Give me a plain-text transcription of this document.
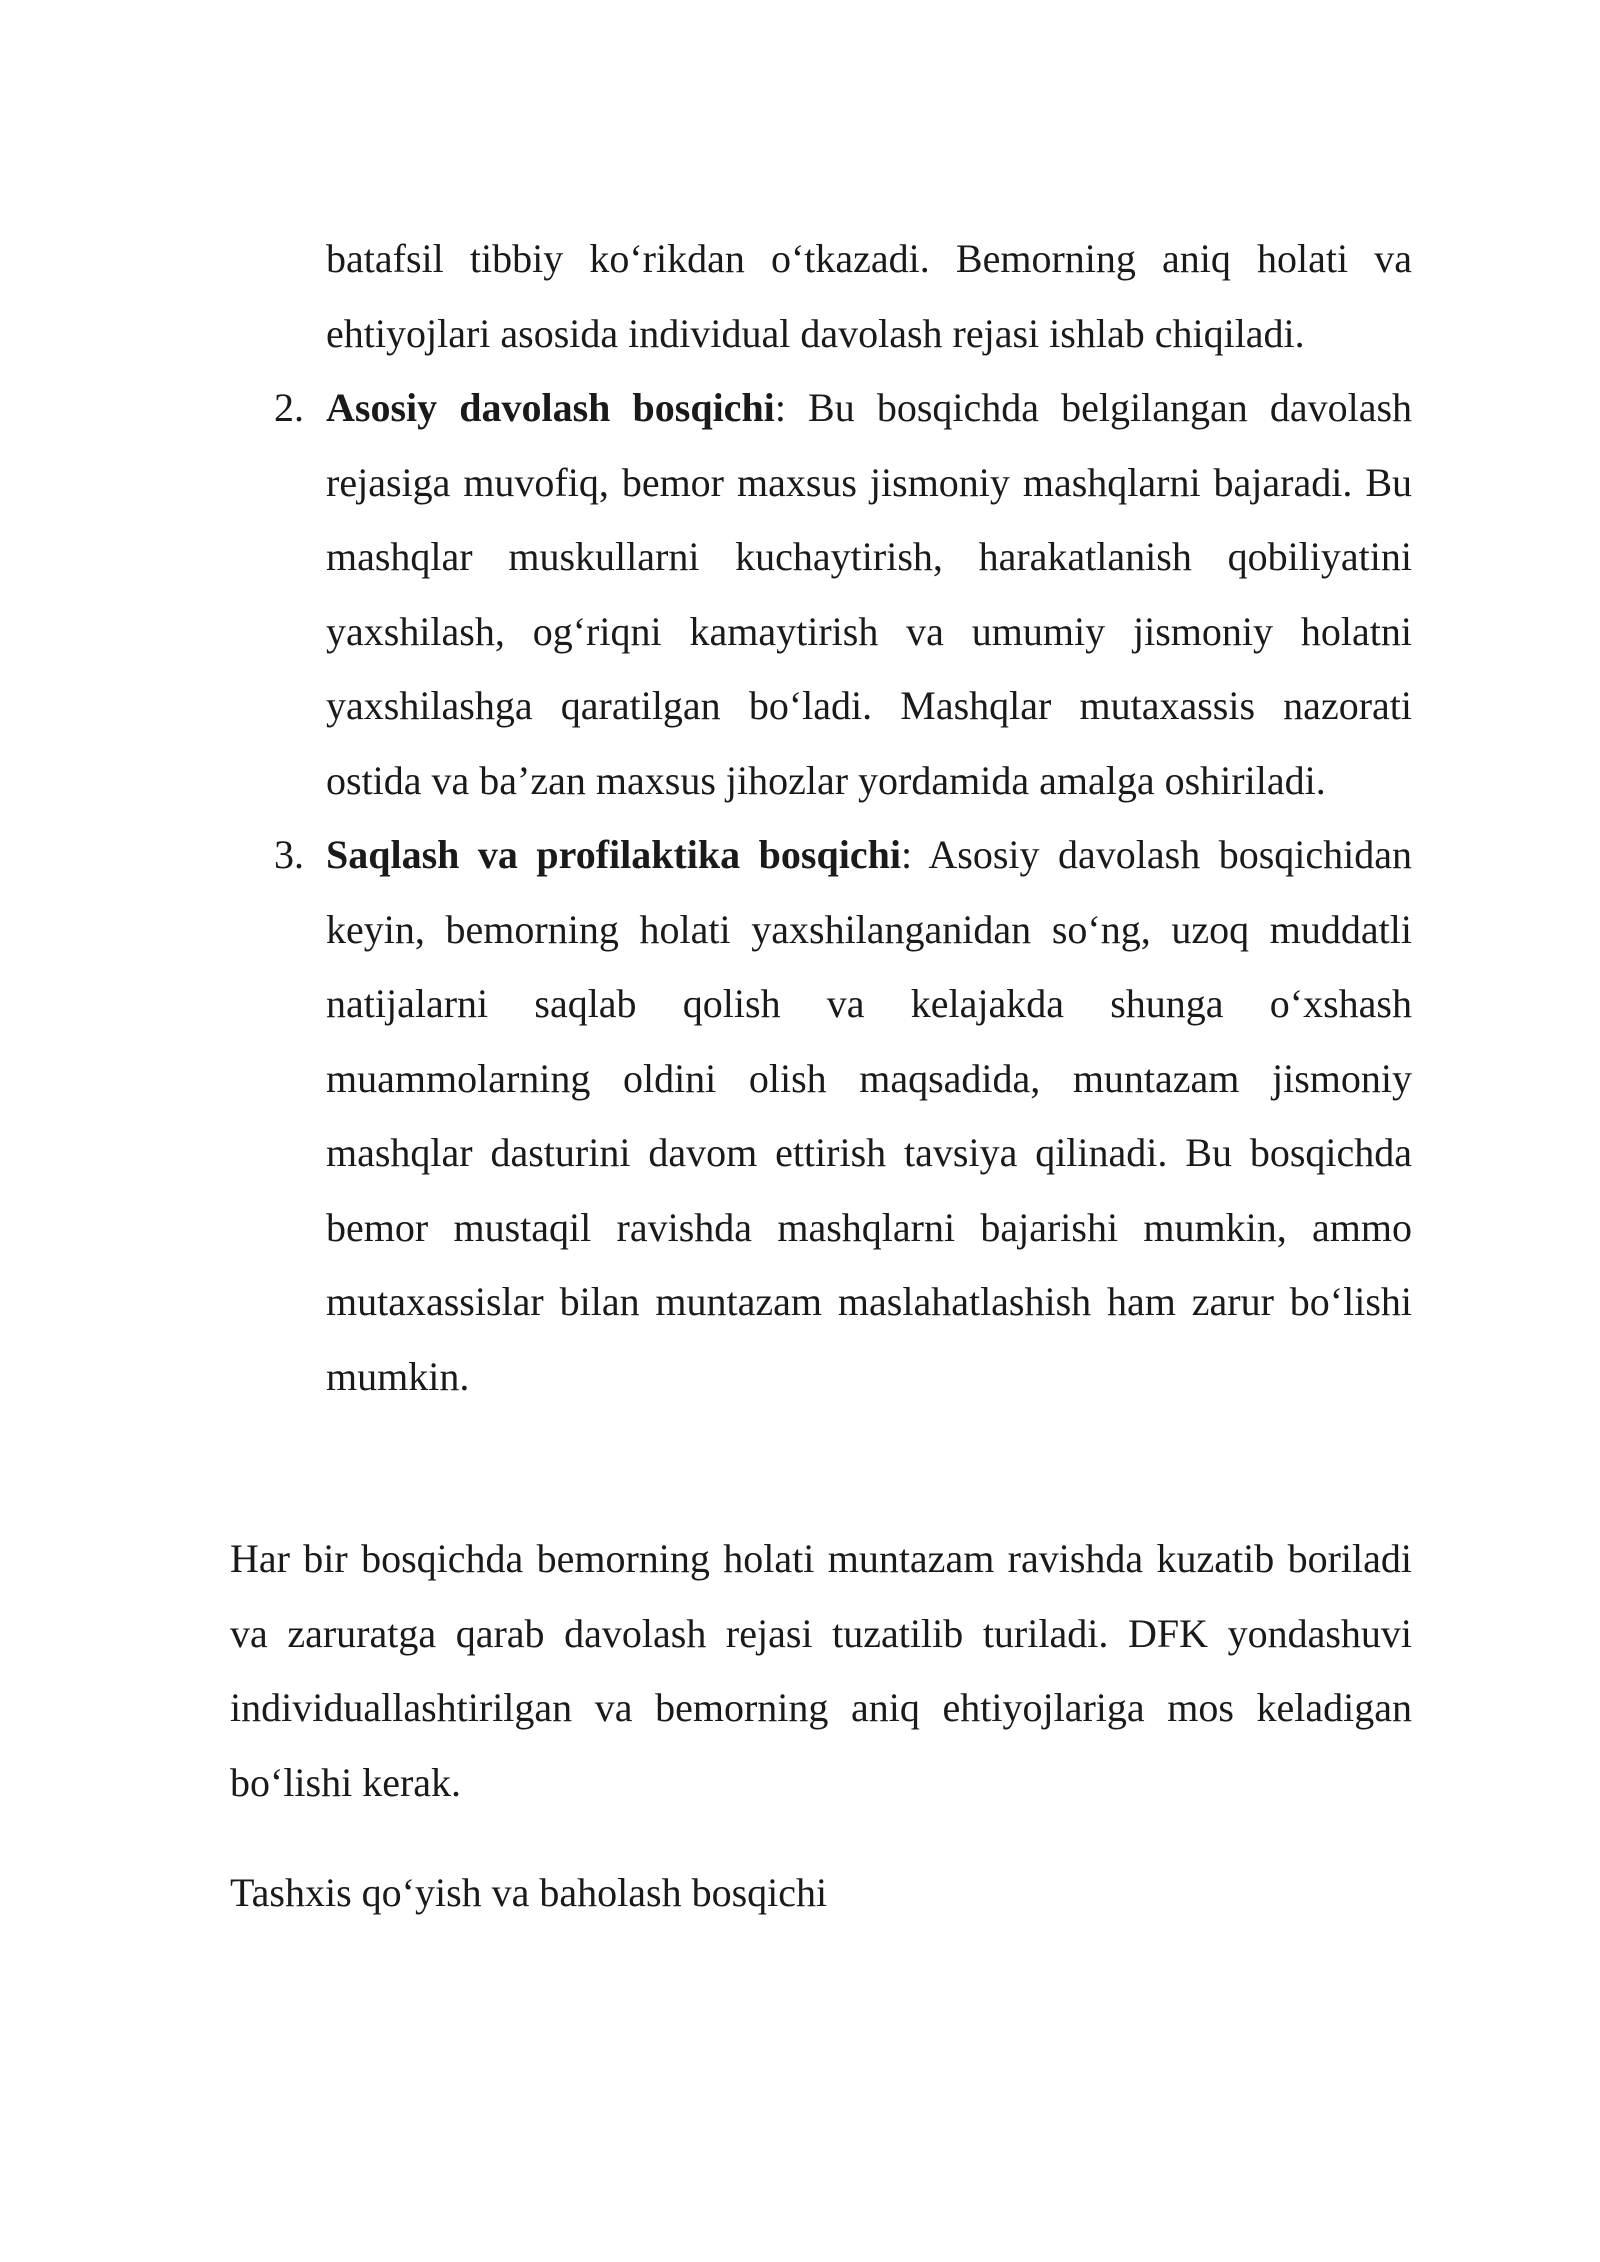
batafsil tibbiy ko‘rikdan o‘tkazadi. Bemorning aniq holati va ehtiyojlari asosida individual davolash rejasi ishlab chiqiladi.

2. Asosiy davolash bosqichi: Bu bosqichda belgilangan davolash rejasiga muvofiq, bemor maxsus jismoniy mashqlarni bajaradi. Bu mashqlar muskullarni kuchaytirish, harakatlanish qobiliyatini yaxshilash, og‘riqni kamaytirish va umumiy jismoniy holatni yaxshilashga qaratilgan bo‘ladi. Mashqlar mutaxassis nazorati ostida va ba’zan maxsus jihozlar yordamida amalga oshiriladi.

3. Saqlash va profilaktika bosqichi: Asosiy davolash bosqichidan keyin, bemorning holati yaxshilanganidan so‘ng, uzoq muddatli natijalarni saqlab qolish va kelajakda shunga o‘xshash muammolarning oldini olish maqsadida, muntazam jismoniy mashqlar dasturini davom ettirish tavsiya qilinadi. Bu bosqichda bemor mustaqil ravishda mashqlarni bajarishi mumkin, ammo mutaxassislar bilan muntazam maslahatlashish ham zarur bo‘lishi mumkin.

Har bir bosqichda bemorning holati muntazam ravishda kuzatib boriladi va zaruratga qarab davolash rejasi tuzatilib turiladi. DFK yondashuvi individuallashtirilgan va bemorning aniq ehtiyojlariga mos keladigan bo‘lishi kerak.

Tashxis qo‘yish va baholash bosqichi
